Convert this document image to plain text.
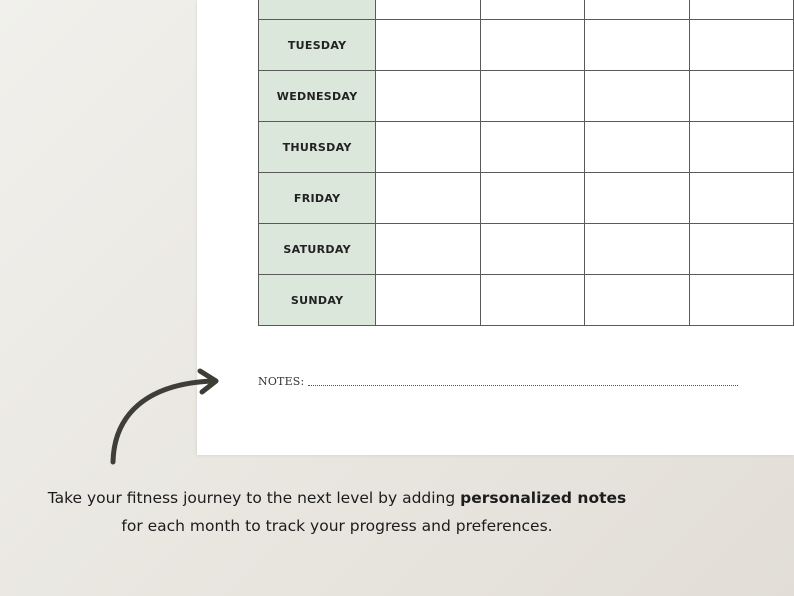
TUESDAY				
WEDNESDAY				
THURSDAY				
FRIDAY				
SATURDAY				
SUNDAY				
NOTES:
Take your fitness journey to the next level by adding personalized notes
for each month to track your progress and preferences.
